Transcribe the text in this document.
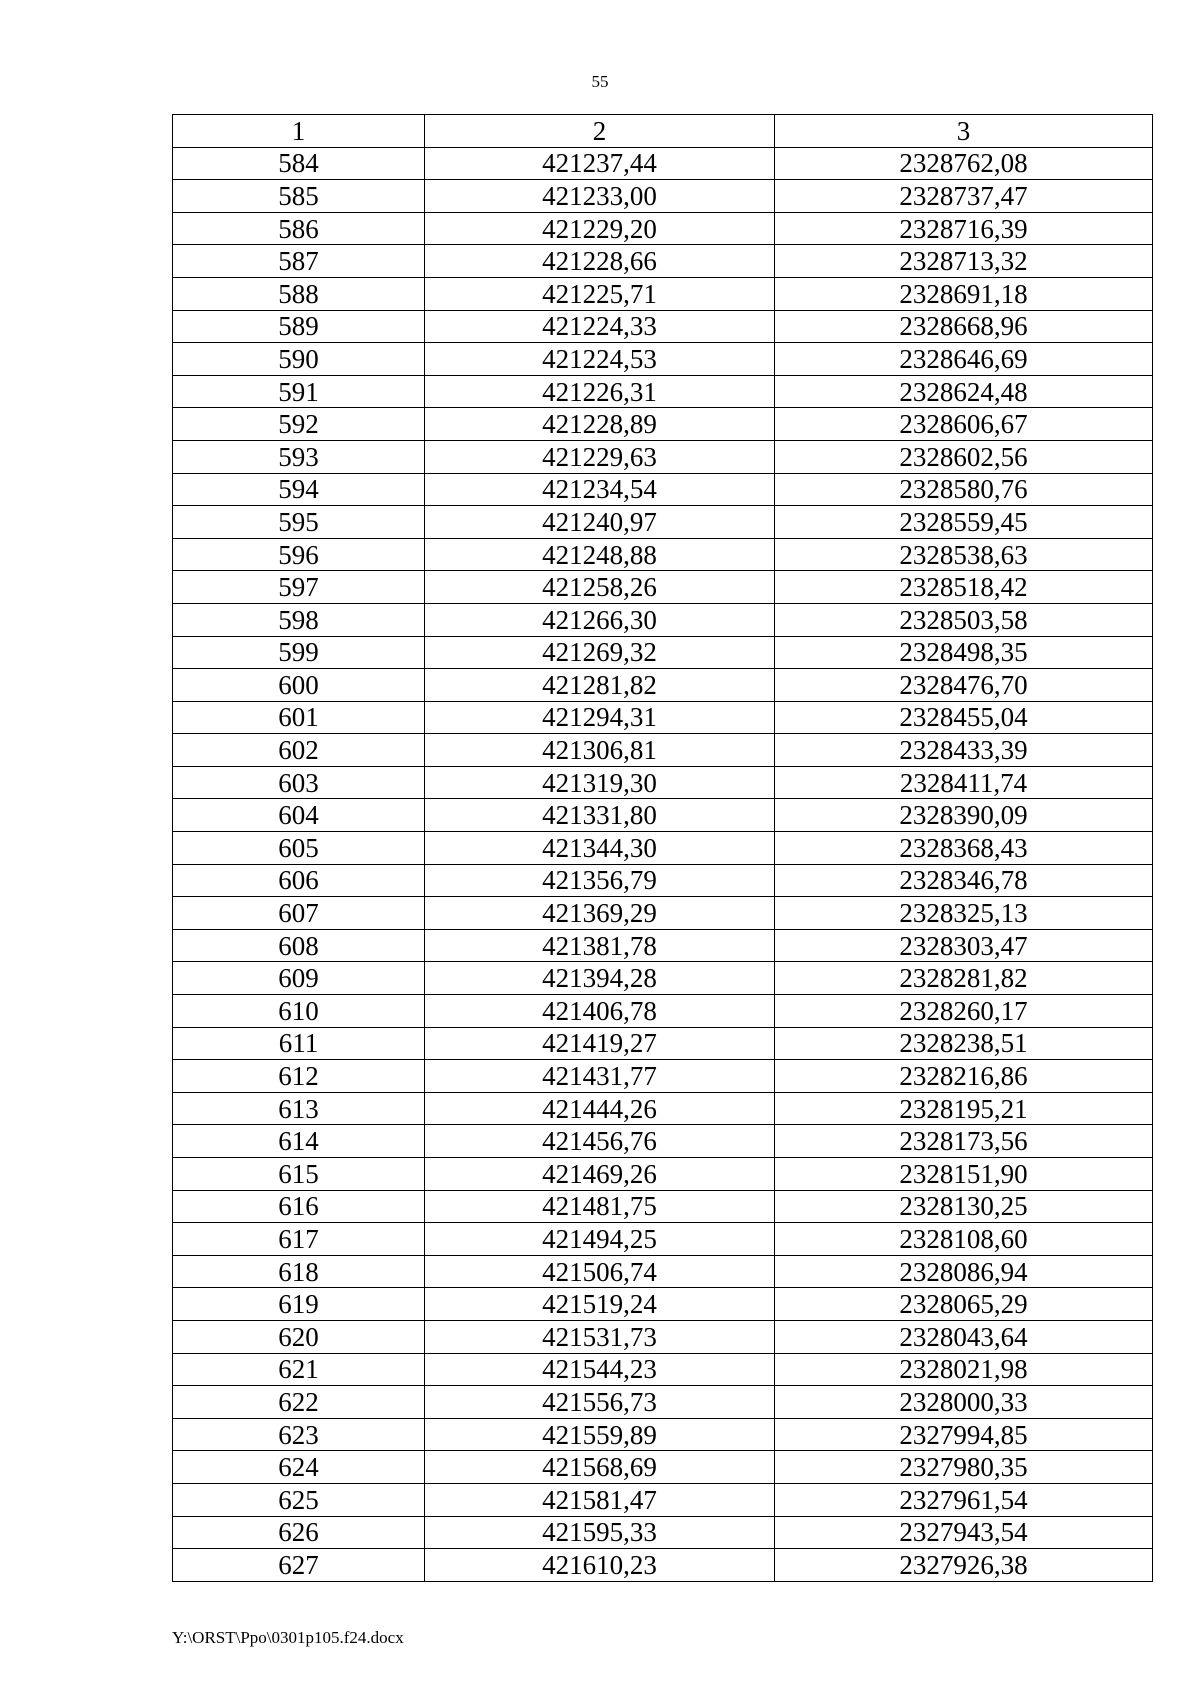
55
1	2	3
584	421237,44	2328762,08
585	421233,00	2328737,47
586	421229,20	2328716,39
587	421228,66	2328713,32
588	421225,71	2328691,18
589	421224,33	2328668,96
590	421224,53	2328646,69
591	421226,31	2328624,48
592	421228,89	2328606,67
593	421229,63	2328602,56
594	421234,54	2328580,76
595	421240,97	2328559,45
596	421248,88	2328538,63
597	421258,26	2328518,42
598	421266,30	2328503,58
599	421269,32	2328498,35
600	421281,82	2328476,70
601	421294,31	2328455,04
602	421306,81	2328433,39
603	421319,30	2328411,74
604	421331,80	2328390,09
605	421344,30	2328368,43
606	421356,79	2328346,78
607	421369,29	2328325,13
608	421381,78	2328303,47
609	421394,28	2328281,82
610	421406,78	2328260,17
611	421419,27	2328238,51
612	421431,77	2328216,86
613	421444,26	2328195,21
614	421456,76	2328173,56
615	421469,26	2328151,90
616	421481,75	2328130,25
617	421494,25	2328108,60
618	421506,74	2328086,94
619	421519,24	2328065,29
620	421531,73	2328043,64
621	421544,23	2328021,98
622	421556,73	2328000,33
623	421559,89	2327994,85
624	421568,69	2327980,35
625	421581,47	2327961,54
626	421595,33	2327943,54
627	421610,23	2327926,38
Y:\ORST\Ppo\0301p105.f24.docx
